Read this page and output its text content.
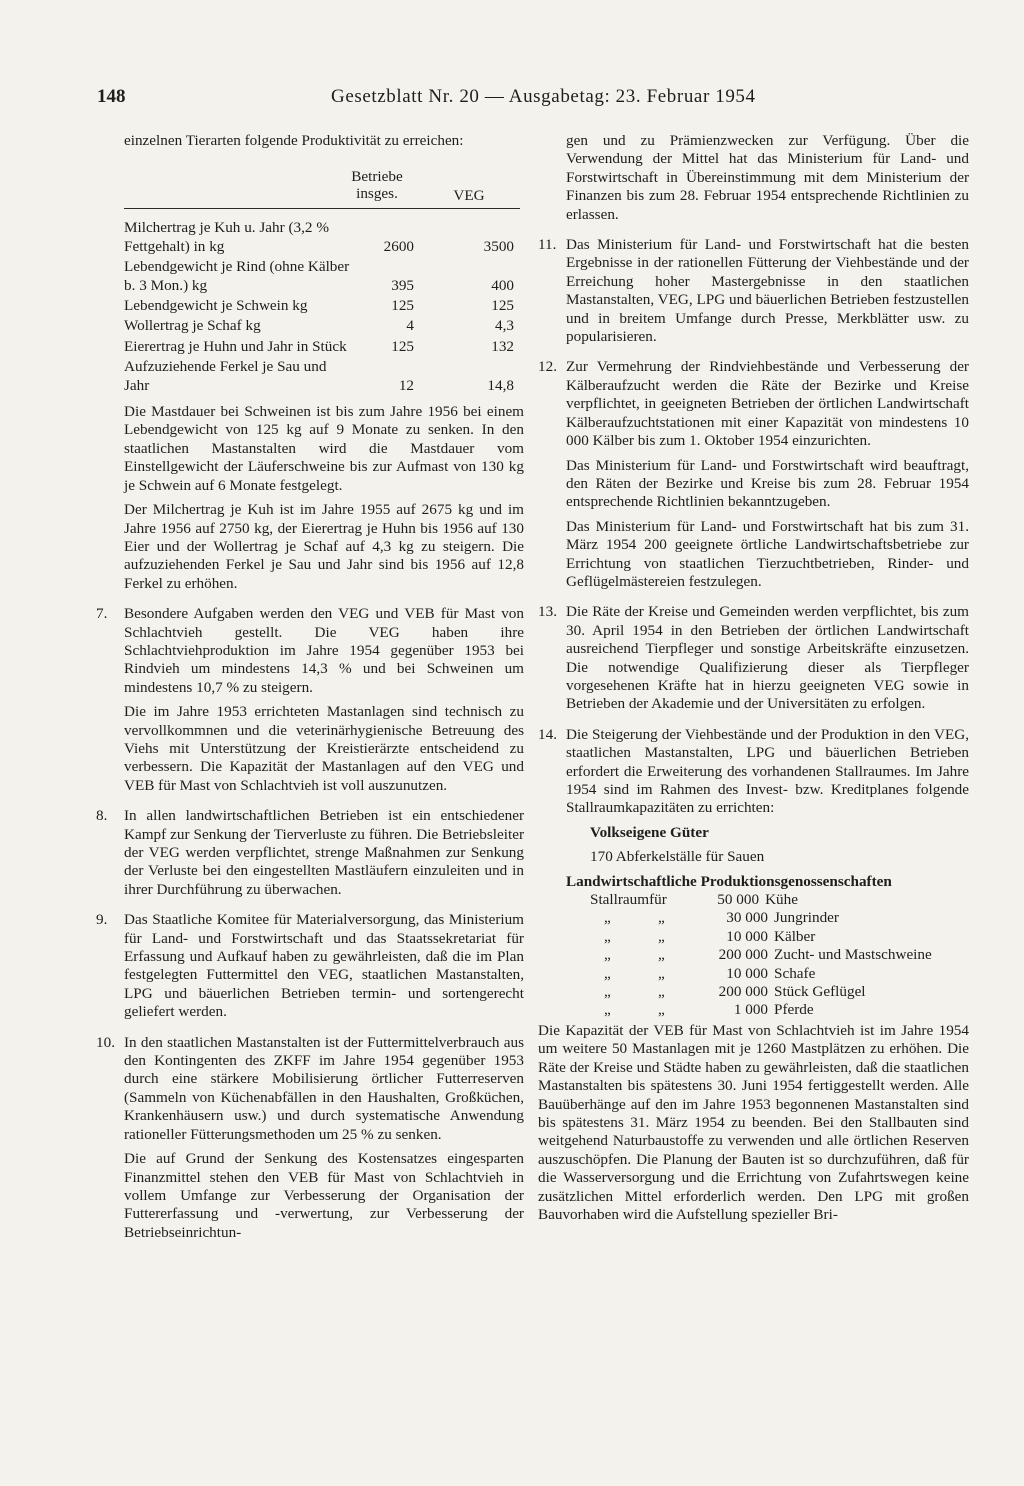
148	Gesetzblatt Nr. 20 — Ausgabetag: 23. Februar 1954

einzelnen Tierarten folgende Produktivität zu erreichen:

Betriebe insges.	VEG
Milchertrag je Kuh u. Jahr (3,2 % Fettgehalt) in kg	2600	3500
Lebendgewicht je Rind (ohne Kälber b. 3 Mon.) kg	395	400
Lebendgewicht je Schwein kg	125	125
Wollertrag je Schaf kg	4	4,3
Eierertrag je Huhn und Jahr in Stück	125	132
Aufzuziehende Ferkel je Sau und Jahr	12	14,8

Die Mastdauer bei Schweinen ist bis zum Jahre 1956 bei einem Lebendgewicht von 125 kg auf 9 Monate zu senken. In den staatlichen Mastanstalten wird die Mastdauer vom Einstellgewicht der Läuferschweine bis zur Aufmast von 130 kg je Schwein auf 6 Monate festgelegt.

Der Milchertrag je Kuh ist im Jahre 1955 auf 2675 kg und im Jahre 1956 auf 2750 kg, der Eierertrag je Huhn bis 1956 auf 130 Eier und der Wollertrag je Schaf auf 4,3 kg zu steigern. Die aufzuziehenden Ferkel je Sau und Jahr sind bis 1956 auf 12,8 Ferkel zu erhöhen.

7.	Besondere Aufgaben werden den VEG und VEB für Mast von Schlachtvieh gestellt. Die VEG haben ihre Schlachtviehproduktion im Jahre 1954 gegenüber 1953 bei Rindvieh um mindestens 14,3 % und bei Schweinen um mindestens 10,7 % zu steigern.

Die im Jahre 1953 errichteten Mastanlagen sind technisch zu vervollkommnen und die veterinärhygienische Betreuung des Viehs mit Unterstützung der Kreistierärzte entscheidend zu verbessern. Die Kapazität der Mastanlagen auf den VEG und VEB für Mast von Schlachtvieh ist voll auszunutzen.

8.	In allen landwirtschaftlichen Betrieben ist ein entschiedener Kampf zur Senkung der Tierverluste zu führen. Die Betriebsleiter der VEG werden verpflichtet, strenge Maßnahmen zur Senkung der Verluste bei den eingestellten Mastläufern einzuleiten und in ihrer Durchführung zu überwachen.

9.	Das Staatliche Komitee für Materialversorgung, das Ministerium für Land- und Forstwirtschaft und das Staatssekretariat für Erfassung und Aufkauf haben zu gewährleisten, daß die im Plan festgelegten Futtermittel den VEG, staatlichen Mastanstalten, LPG und bäuerlichen Betrieben termin- und sortengerecht geliefert werden.

10. In den staatlichen Mastanstalten ist der Futtermittelverbrauch aus den Kontingenten des ZKFF im Jahre 1954 gegenüber 1953 durch eine stärkere Mobilisierung örtlicher Futterreserven (Sammeln von Küchenabfällen in den Haushalten, Großküchen, Krankenhäusern usw.) und durch systematische Anwendung rationeller Fütterungsmethoden um 25 % zu senken.

Die auf Grund der Senkung des Kostensatzes eingesparten Finanzmittel stehen den VEB für Mast von Schlachtvieh in vollem Umfange zur Verbesserung der Organisation der Futtererfassung und -verwertung, zur Verbesserung der Betriebseinrichtun-

gen und zu Prämienzwecken zur Verfügung. Über die Verwendung der Mittel hat das Ministerium für Land- und Forstwirtschaft in Übereinstimmung mit dem Ministerium der Finanzen bis zum 28. Februar 1954 entsprechende Richtlinien zu erlassen.

11. Das Ministerium für Land- und Forstwirtschaft hat die besten Ergebnisse in der rationellen Fütterung der Viehbestände und der Erreichung hoher Mastergebnisse in den staatlichen Mastanstalten, VEG, LPG und bäuerlichen Betrieben festzustellen und in breitem Umfange durch Presse, Merkblätter usw. zu popularisieren.

12. Zur Vermehrung der Rindviehbestände und Verbesserung der Kälberaufzucht werden die Räte der Bezirke und Kreise verpflichtet, in geeigneten Betrieben der örtlichen Landwirtschaft Kälberaufzuchtstationen mit einer Kapazität von mindestens 10 000 Kälber bis zum 1. Oktober 1954 einzurichten.

Das Ministerium für Land- und Forstwirtschaft wird beauftragt, den Räten der Bezirke und Kreise bis zum 28. Februar 1954 entsprechende Richtlinien bekanntzugeben.

Das Ministerium für Land- und Forstwirtschaft hat bis zum 31. März 1954 200 geeignete örtliche Landwirtschaftsbetriebe zur Errichtung von staatlichen Tierzuchtbetrieben, Rinder- und Geflügelmästereien festzulegen.

13. Die Räte der Kreise und Gemeinden werden verpflichtet, bis zum 30. April 1954 in den Betrieben der örtlichen Landwirtschaft ausreichend Tierpfleger und sonstige Arbeitskräfte einzusetzen. Die notwendige Qualifizierung dieser als Tierpfleger vorgesehenen Kräfte hat in hierzu geeigneten VEG sowie in Betrieben der Akademie und der Universitäten zu erfolgen.

14. Die Steigerung der Viehbestände und der Produktion in den VEG, staatlichen Mastanstalten, LPG und bäuerlichen Betrieben erfordert die Erweiterung des vorhandenen Stallraumes. Im Jahre 1954 sind im Rahmen des Invest- bzw. Kreditplanes folgende Stallraumkapazitäten zu errichten:

Volkseigene Güter

170 Abferkelställe für Sauen

Landwirtschaftliche Produktionsgenossenschaften

Stallraum für	50 000 Kühe
„	„	30 000 Jungrinder
„	„	10 000 Kälber
„	„	200 000 Zucht- und Mastschweine
„	„	10 000 Schafe
„	„	200 000 Stück Geflügel
„	„	1 000 Pferde

Die Kapazität der VEB für Mast von Schlachtvieh ist im Jahre 1954 um weitere 50 Mastanlagen mit je 1260 Mastplätzen zu erhöhen. Die Räte der Kreise und Städte haben zu gewährleisten, daß die staatlichen Mastanstalten bis spätestens 30. Juni 1954 fertiggestellt werden. Alle Bauüberhänge auf den im Jahre 1953 begonnenen Mastanstalten sind bis spätestens 31. März 1954 zu beenden. Bei den Stallbauten sind weitgehend Naturbaustoffe zu verwenden und alle örtlichen Reserven auszuschöpfen. Die Planung der Bauten ist so durchzuführen, daß für die Wasserversorgung und die Errichtung von Zufahrtswegen keine zusätzlichen Mittel erforderlich werden. Den LPG mit großen Bauvorhaben wird die Aufstellung spezieller Bri-
